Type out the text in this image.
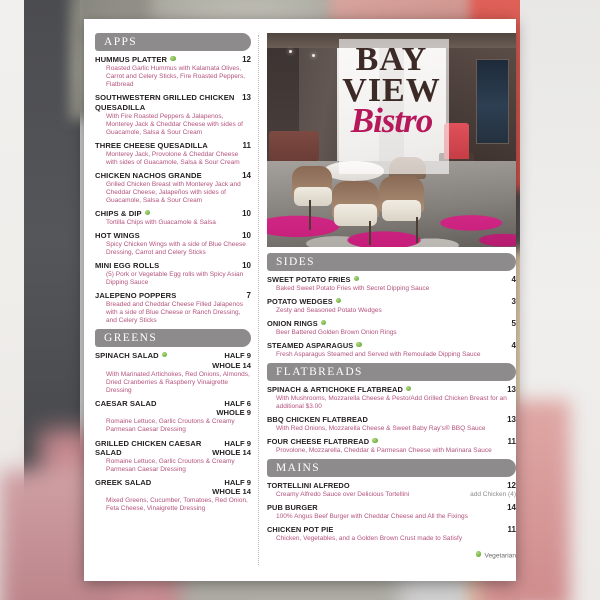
APPS
HUMMUS PLATTER	12
Roasted Garlic Hummus with Kalamata Olives, Carrot and Celery Sticks, Fire Roasted Peppers, Flatbread
SOUTHWESTERN GRILLED CHICKEN QUESADILLA
13
With Fire Roasted Peppers & Jalapenos, Monterey Jack & Cheddar Cheese with sides of Guacamole, Salsa & Sour Cream
THREE CHEESE QUESADILLA	11
Monterey Jack, Provolone & Cheddar Cheese with sides of Guacamole, Salsa & Sour Cream
CHICKEN NACHOS GRANDE	14
Grilled Chicken Breast with Monterey Jack and Cheddar Cheese, Jalapeños with sides of Guacamole, Salsa & Sour Cream
CHIPS & DIP	10
Tortilla Chips with Guacamole & Salsa
HOT WINGS	10
Spicy Chicken Wings with a side of Blue Cheese Dressing, Carrot and Celery Sticks
MINI EGG ROLLS	10
(5) Pork or Vegetable Egg rolls with Spicy Asian Dipping Sauce
JALEPENO POPPERS	7
Breaded and Cheddar Cheese Filled Jalapenos with a side of Blue Cheese or Ranch Dressing, and Celery Sticks
GREENS
SPINACH SALAD	HALF 9
WHOLE 14
With Marinated Artichokes, Red Onions, Almonds, Dried Cranberries & Raspberry Vinaigrette Dressing
CAESAR SALAD	HALF 6
WHOLE 9
Romaine Lettuce, Garlic Croutons & Creamy Parmesan Caesar Dressing
GRILLED CHICKEN CAESAR SALAD
HALF 9
WHOLE 14
Romaine Lettuce, Garlic Croutons & Creamy Parmesan Caesar Dressing
GREEK SALAD	HALF 9
WHOLE 14
Mixed Greens, Cucumber, Tomatoes, Red Onion, Feta Cheese, Vinaigrette Dressing
BAY
VIEW
Bistro
SIDES
SWEET POTATO FRIES	4
Baked Sweet Potato Fries with Secret Dipping Sauce
POTATO WEDGES	3
Zesty and Seasoned Potato Wedges
ONION RINGS	5
Beer Battered Golden Brown Onion Rings
STEAMED ASPARAGUS	4
Fresh Asparagus Steamed and Served with Remoulade Dipping Sauce
FLATBREADS
SPINACH & ARTICHOKE FLATBREAD	13
With Mushrooms, Mozzarella Cheese & Pesto/Add Grilled Chicken Breast for an additional $3.00
BBQ CHICKEN FLATBREAD	13
With Red Onions, Mozzarella Cheese & Sweet Baby Ray's® BBQ Sauce
FOUR CHEESE FLATBREAD	11
Provolone, Mozzarella, Cheddar & Parmesan Cheese with Marinara Sauce
MAINS
TORTELLINI ALFREDO	12
Creamy Alfredo Sauce over Delicious Tortellini	add Chicken (4)
PUB BURGER	14
100% Angus Beef Burger with Cheddar Cheese and All the Fixings
CHICKEN POT PIE	11
Chicken, Vegetables, and a Golden Brown Crust made to Satisfy
Vegetarian
